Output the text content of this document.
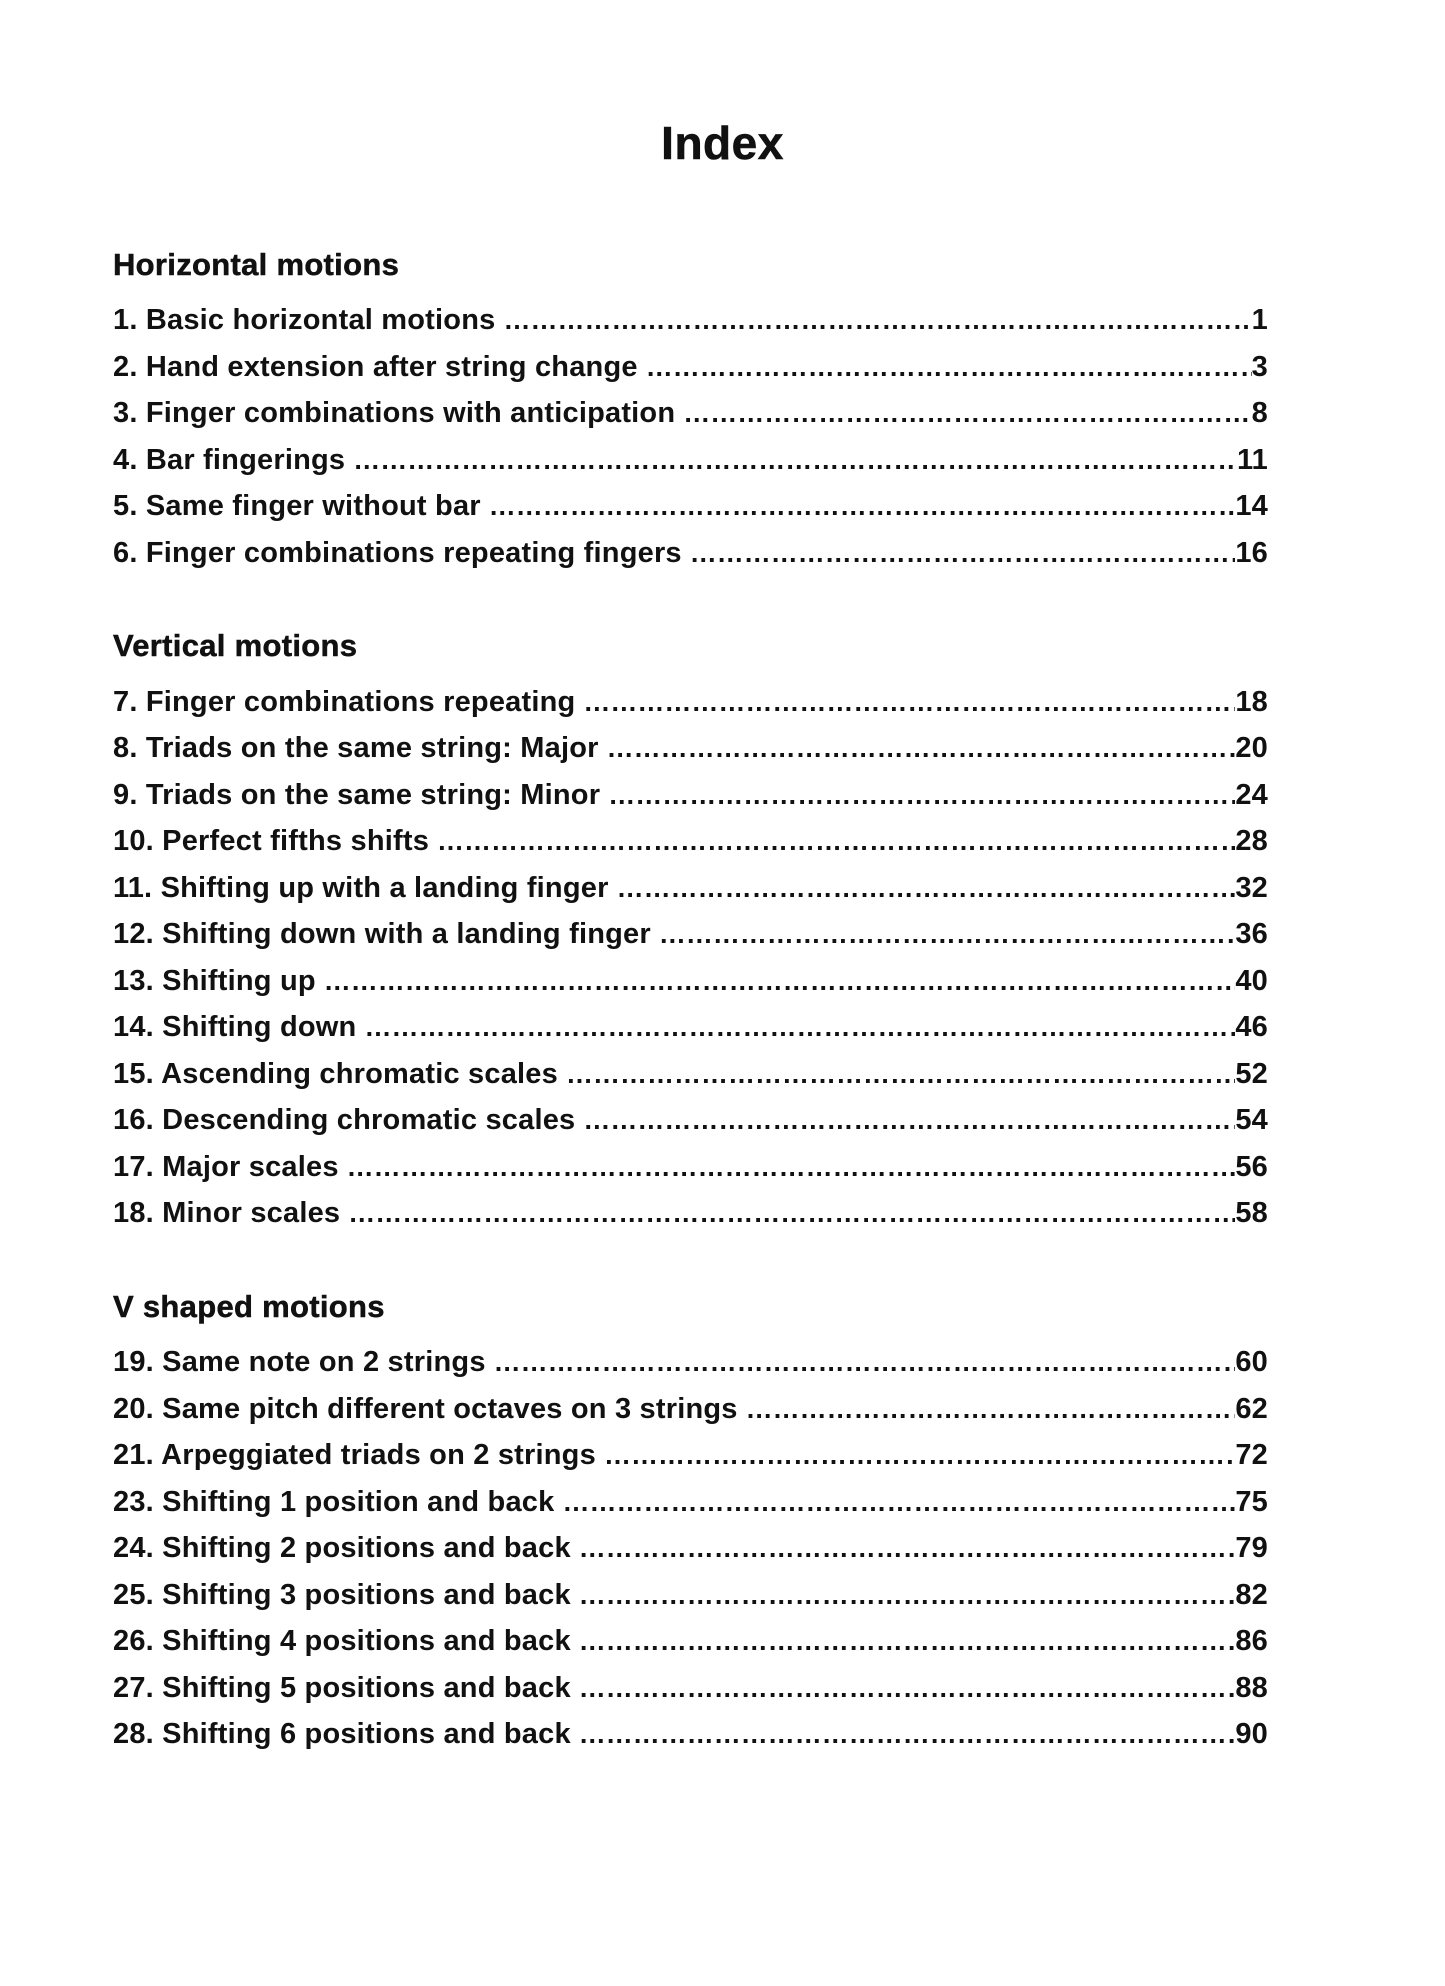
Index
Horizontal motions
1. Basic horizontal motions ……………………………………………………………………………………………………………………………………………………………………………………………………………………………………	1
2. Hand extension after string change ……………………………………………………………………………………………………………………………………………………………………………………………………………………………………	3
3. Finger combinations with anticipation ……………………………………………………………………………………………………………………………………………………………………………………………………………………………………	8
4. Bar fingerings ……………………………………………………………………………………………………………………………………………………………………………………………………………………………………	11
5. Same finger without bar ……………………………………………………………………………………………………………………………………………………………………………………………………………………………………	14
6. Finger combinations repeating fingers ……………………………………………………………………………………………………………………………………………………………………………………………………………………………………	16
Vertical motions
7. Finger combinations repeating ……………………………………………………………………………………………………………………………………………………………………………………………………………………………………	18
8. Triads on the same string: Major ……………………………………………………………………………………………………………………………………………………………………………………………………………………………………	20
9. Triads on the same string: Minor ……………………………………………………………………………………………………………………………………………………………………………………………………………………………………	24
10. Perfect fifths shifts ……………………………………………………………………………………………………………………………………………………………………………………………………………………………………	28
11. Shifting up with a landing finger ……………………………………………………………………………………………………………………………………………………………………………………………………………………………………	32
12. Shifting down with a landing finger ……………………………………………………………………………………………………………………………………………………………………………………………………………………………………	36
13. Shifting up ……………………………………………………………………………………………………………………………………………………………………………………………………………………………………	40
14. Shifting down ……………………………………………………………………………………………………………………………………………………………………………………………………………………………………	46
15. Ascending chromatic scales ……………………………………………………………………………………………………………………………………………………………………………………………………………………………………	52
16. Descending chromatic scales ……………………………………………………………………………………………………………………………………………………………………………………………………………………………………	54
17. Major scales ……………………………………………………………………………………………………………………………………………………………………………………………………………………………………	56
18. Minor scales ……………………………………………………………………………………………………………………………………………………………………………………………………………………………………	58
V shaped motions
19. Same note on 2 strings ……………………………………………………………………………………………………………………………………………………………………………………………………………………………………	60
20. Same pitch different octaves on 3 strings ……………………………………………………………………………………………………………………………………………………………………………………………………………………………………	62
21. Arpeggiated triads on 2 strings ……………………………………………………………………………………………………………………………………………………………………………………………………………………………………	72
23. Shifting 1 position and back ……………………………………………………………………………………………………………………………………………………………………………………………………………………………………	75
24. Shifting 2 positions and back ……………………………………………………………………………………………………………………………………………………………………………………………………………………………………	79
25. Shifting 3 positions and back ……………………………………………………………………………………………………………………………………………………………………………………………………………………………………	82
26. Shifting 4 positions and back ……………………………………………………………………………………………………………………………………………………………………………………………………………………………………	86
27. Shifting 5 positions and back ……………………………………………………………………………………………………………………………………………………………………………………………………………………………………	88
28. Shifting 6 positions and back ……………………………………………………………………………………………………………………………………………………………………………………………………………………………………	90
